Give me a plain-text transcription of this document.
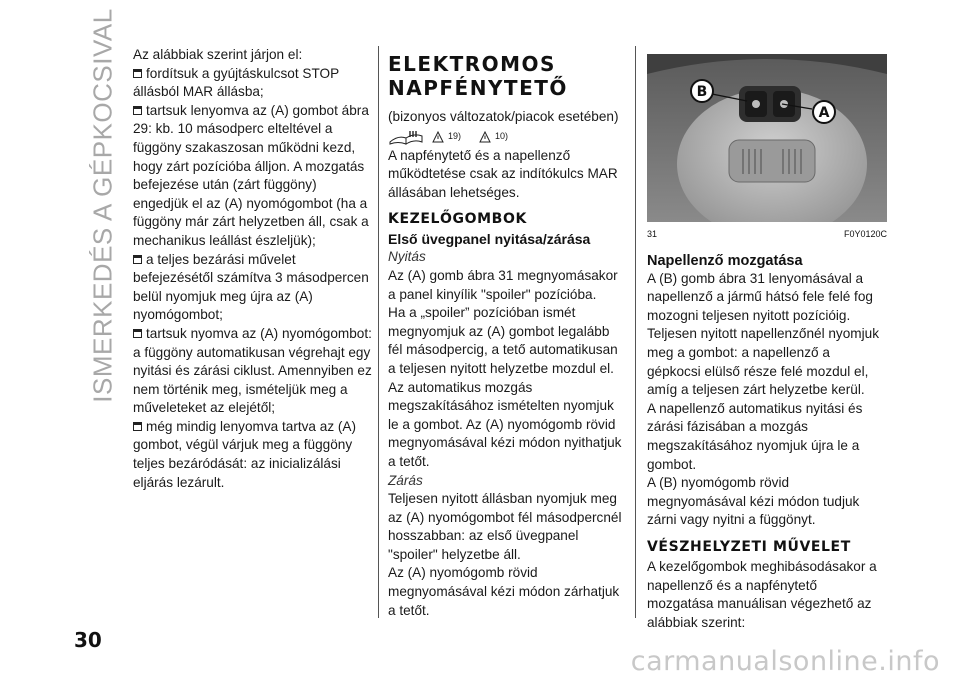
ISMERKEDÉS A GÉPKOCSIVAL Az alábbiak szerint járjon el:

fordítsuk a gyújtáskulcsot STOP állásból MAR állásba;

tartsuk lenyomva az (A) gombot ábra 29: kb. 10 másodperc elteltével a függöny szakaszosan működni kezd, hogy zárt pozícióba álljon. A mozgatás befejezése után (zárt függöny) engedjük el az (A) nyomógombot (ha a függöny már zárt helyzetben áll, csak a mechanikus leállást észleljük);

a teljes bezárási művelet befejezésétől számítva 3 másodpercen belül nyomjuk meg újra az (A) nyomógombot;

tartsuk nyomva az (A) nyomógombot: a függöny automatikusan végrehajt egy nyitási és zárási ciklust. Amennyiben ez nem történik meg, ismételjük meg a műveleteket az elejétől;

még mindig lenyomva tartva az (A) gombot, végül várjuk meg a függöny teljes bezáródását: az inicializálási eljárás lezárult.

ELEKTROMOS NAPFÉNYTETŐ

(bizonyos változatok/piacok esetében)

19)	10)

A napfénytető és a napellenző működtetése csak az indítókulcs MAR állásában lehetséges.

KEZELŐGOMBOK

Első üvegpanel nyitása/zárása

Nyitás

Az (A) gomb ábra 31 megnyomásakor a panel kinyílik "spoiler" pozícióba.

Ha a „spoiler” pozícióban ismét megnyomjuk az (A) gombot legalább fél másodpercig, a tető automatikusan a teljesen nyitott helyzetbe mozdul el. Az automatikus mozgás megszakításához ismételten nyomjuk le a gombot. Az (A) nyomógomb rövid megnyomásával kézi módon nyithatjuk a tetőt.

Zárás

Teljesen nyitott állásban nyomjuk meg az (A) nyomógombot fél másodpercnél hosszabban: az első üvegpanel "spoiler" helyzetbe áll.

Az (A) nyomógomb rövid megnyomásával kézi módon zárhatjuk a tetőt.

B
A
31	F0Y0120C

Napellenző mozgatása

A (B) gomb ábra 31 lenyomásával a napellenző a jármű hátsó fele felé fog mozogni teljesen nyitott pozícióig. Teljesen nyitott napellenzőnél nyomjuk meg a gombot: a napellenző a gépkocsi elülső része felé mozdul el, amíg a teljesen zárt helyzetbe kerül.

A napellenző automatikus nyitási és zárási fázisában a mozgás megszakításához nyomjuk újra le a gombot.

A (B) nyomógomb rövid megnyomásával kézi módon tudjuk zárni vagy nyitni a függönyt.

VÉSZHELYZETI MŰVELET

A kezelőgombok meghibásodásakor a napellenző és a napfénytető mozgatása manuálisan végezhető az alábbiak szerint:

30
carmanualsonline.info
